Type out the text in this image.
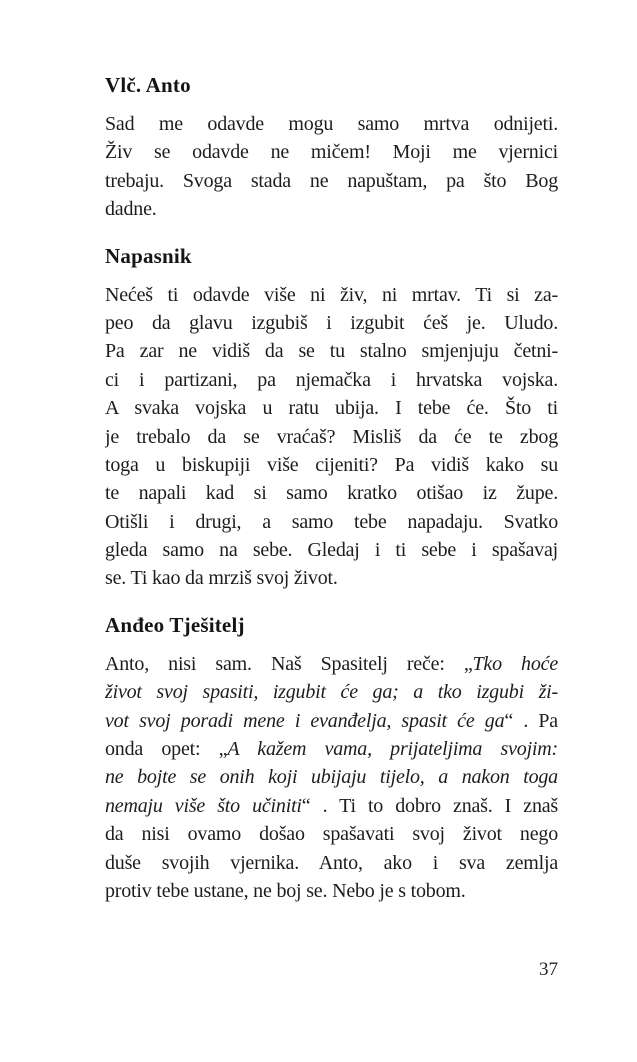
Vlč. Anto
Sad me odavde mogu samo mrtva odnijeti.
Živ se odavde ne mičem! Moji me vjernici
trebaju. Svoga stada ne napuštam, pa što Bog
dadne.
Napasnik
Nećeš ti odavde više ni živ, ni mrtav. Ti si za-
peo da glavu izgubiš i izgubit ćeš je. Uludo.
Pa zar ne vidiš da se tu stalno smjenjuju četni-
ci i partizani, pa njemačka i hrvatska vojska.
A svaka vojska u ratu ubija. I tebe će. Što ti
je trebalo da se vraćaš? Misliš da će te zbog
toga u biskupiji više cijeniti? Pa vidiš kako su
te napali kad si samo kratko otišao iz župe.
Otišli i drugi, a samo tebe napadaju. Svatko
gleda samo na sebe. Gledaj i ti sebe i spašavaj
se. Ti kao da mrziš svoj život.
Anđeo Tješitelj
Anto, nisi sam. Naš Spasitelj reče: „Tko hoće
život svoj spasiti, izgubit će ga; a tko izgubi ži-
vot svoj poradi mene i evanđelja, spasit će ga“ . Pa
onda opet: „A kažem vama, prijateljima svojim:
ne bojte se onih koji ubijaju tijelo, a nakon toga
nemaju više što učiniti“ . Ti to dobro znaš. I znaš
da nisi ovamo došao spašavati svoj život nego
duše svojih vjernika. Anto, ako i sva zemlja
protiv tebe ustane, ne boj se. Nebo je s tobom.
37
